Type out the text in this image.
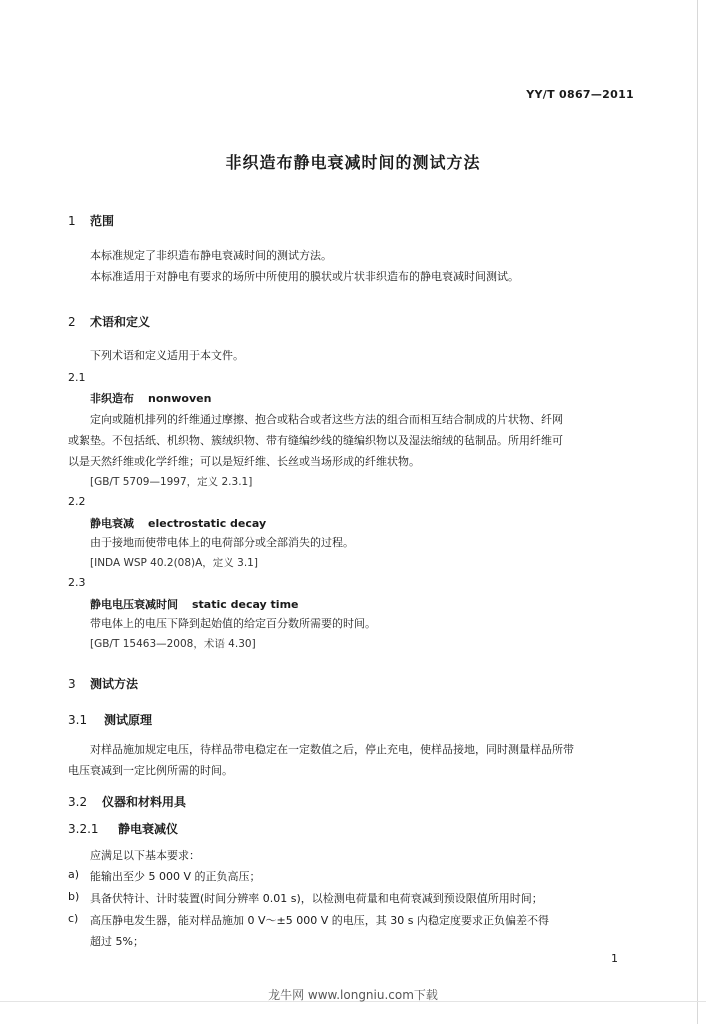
YY/T 0867—2011
非织造布静电衰减时间的测试方法
1 范围
本标准规定了非织造布静电衰减时间的测试方法。
本标准适用于对静电有要求的场所中所使用的膜状或片状非织造布的静电衰减时间测试。
2 术语和定义
下列术语和定义适用于本文件。
2.1
非织造布 nonwoven
定向或随机排列的纤维通过摩擦、抱合或粘合或者这些方法的组合而相互结合制成的片状物、纤网
或絮垫。不包括纸、机织物、簇绒织物、带有缝编纱线的缝编织物以及湿法缩绒的毡制品。所用纤维可
以是天然纤维或化学纤维；可以是短纤维、长丝或当场形成的纤维状物。
[GB/T 5709—1997，定义 2.3.1]
2.2
静电衰减 electrostatic decay
由于接地而使带电体上的电荷部分或全部消失的过程。
[INDA WSP 40.2(08)A，定义 3.1]
2.3
静电电压衰减时间 static decay time
带电体上的电压下降到起始值的给定百分数所需要的时间。
[GB/T 15463—2008，术语 4.30]
3 测试方法
3.1 测试原理
对样品施加规定电压，待样品带电稳定在一定数值之后，停止充电，使样品接地，同时测量样品所带
电压衰减到一定比例所需的时间。
3.2 仪器和材料用具
3.2.1 静电衰减仪
应满足以下基本要求：
a) 能输出至少 5 000 V 的正负高压；
b) 具备伏特计、计时装置(时间分辨率 0.01 s)，以检测电荷量和电荷衰减到预设限值所用时间；
c) 高压静电发生器，能对样品施加 0 V～±5 000 V 的电压，其 30 s 内稳定度要求正负偏差不得
超过 5%；
1
龙牛网 www.longniu.com下载
